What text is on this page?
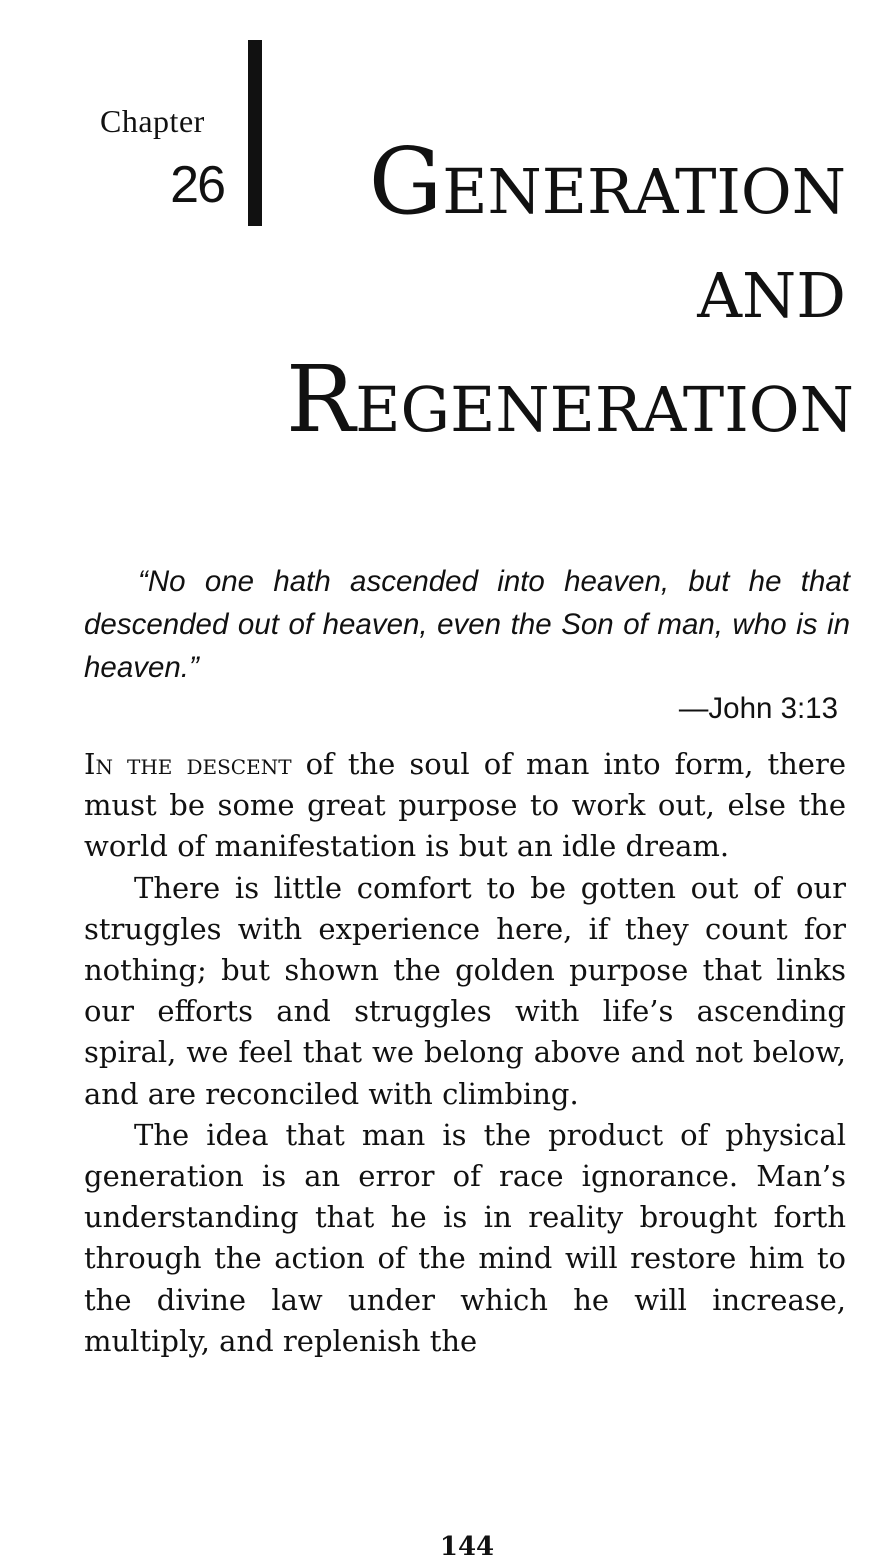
Chapter
26	GENERATION
AND
REGENERATION

“No one hath ascended into heaven, but he that descended out of heaven, even the Son of man, who is in heaven.”

—John 3:13

In the descent of the soul of man into form, there must be some great purpose to work out, else the world of manifestation is but an idle dream.

There is little comfort to be gotten out of our struggles with experience here, if they count for nothing; but shown the golden purpose that links our efforts and struggles with life’s ascending spiral, we feel that we belong above and not below, and are reconciled with climbing.

The idea that man is the product of physical generation is an error of race ignorance. Man’s understanding that he is in reality brought forth through the action of the mind will restore him to the divine law under which he will increase, multiply, and replenish the

144
